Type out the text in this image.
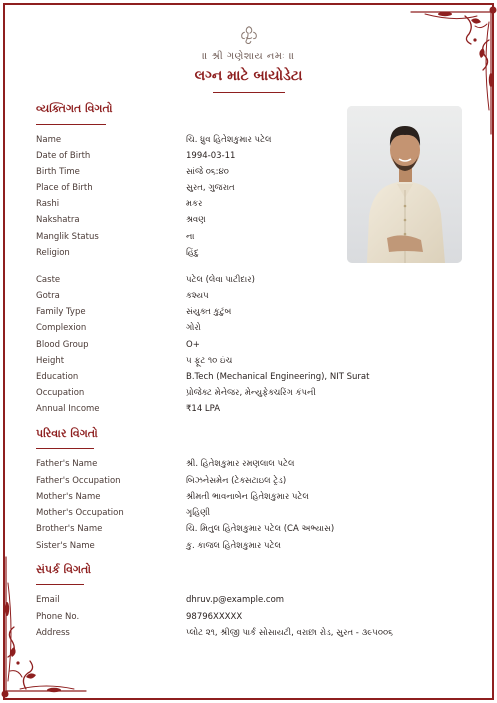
॥ શ્રી ગણેશાય નમઃ ॥
લગ્ન માટે બાયોડેટા
વ્યક્તિગત વિગતો
Name	ચિ. ધ્રુવ હિતેશકુમાર પટેલ
Date of Birth	1994-03-11
Birth Time	સાંજે ૦૬:૪૦
Place of Birth	સુરત, ગુજરાત
Rashi	મકર
Nakshatra	શ્રવણ
Manglik Status	ના
Religion	હિંદુ
Caste	પટેલ (લેવા પાટીદાર)
Gotra	કશ્યપ
Family Type	સંયુક્ત કુટુંબ
Complexion	ગોરો
Blood Group	O+
Height	૫ ફૂટ ૧૦ ઇંચ
Education	B.Tech (Mechanical Engineering), NIT Surat
Occupation	પ્રોજેક્ટ મેનેજર, મેન્યુફેક્ચરિંગ કંપની
Annual Income	₹14 LPA
પરિવાર વિગતો
Father's Name	શ્રી. હિતેશકુમાર રમણલાલ પટેલ
Father's Occupation	બિઝનેસમેન (ટેક્સટાઇલ ટ્રેડ)
Mother's Name	શ્રીમતી ભાવનાબેન હિતેશકુમાર પટેલ
Mother's Occupation	ગૃહિણી
Brother's Name	ચિ. મિતુલ હિતેશકુમાર પટેલ (CA અભ્યાસ)
Sister's Name	કુ. કાજલ હિતેશકુમાર પટેલ
સંપર્ક વિગતો
Email	dhruv.p@example.com
Phone No.	98796XXXXX
Address	પ્લોટ ૨૧, શ્રીજી પાર્ક સોસાયટી, વરાછા રોડ, સુરત - ૩૯૫૦૦૬
